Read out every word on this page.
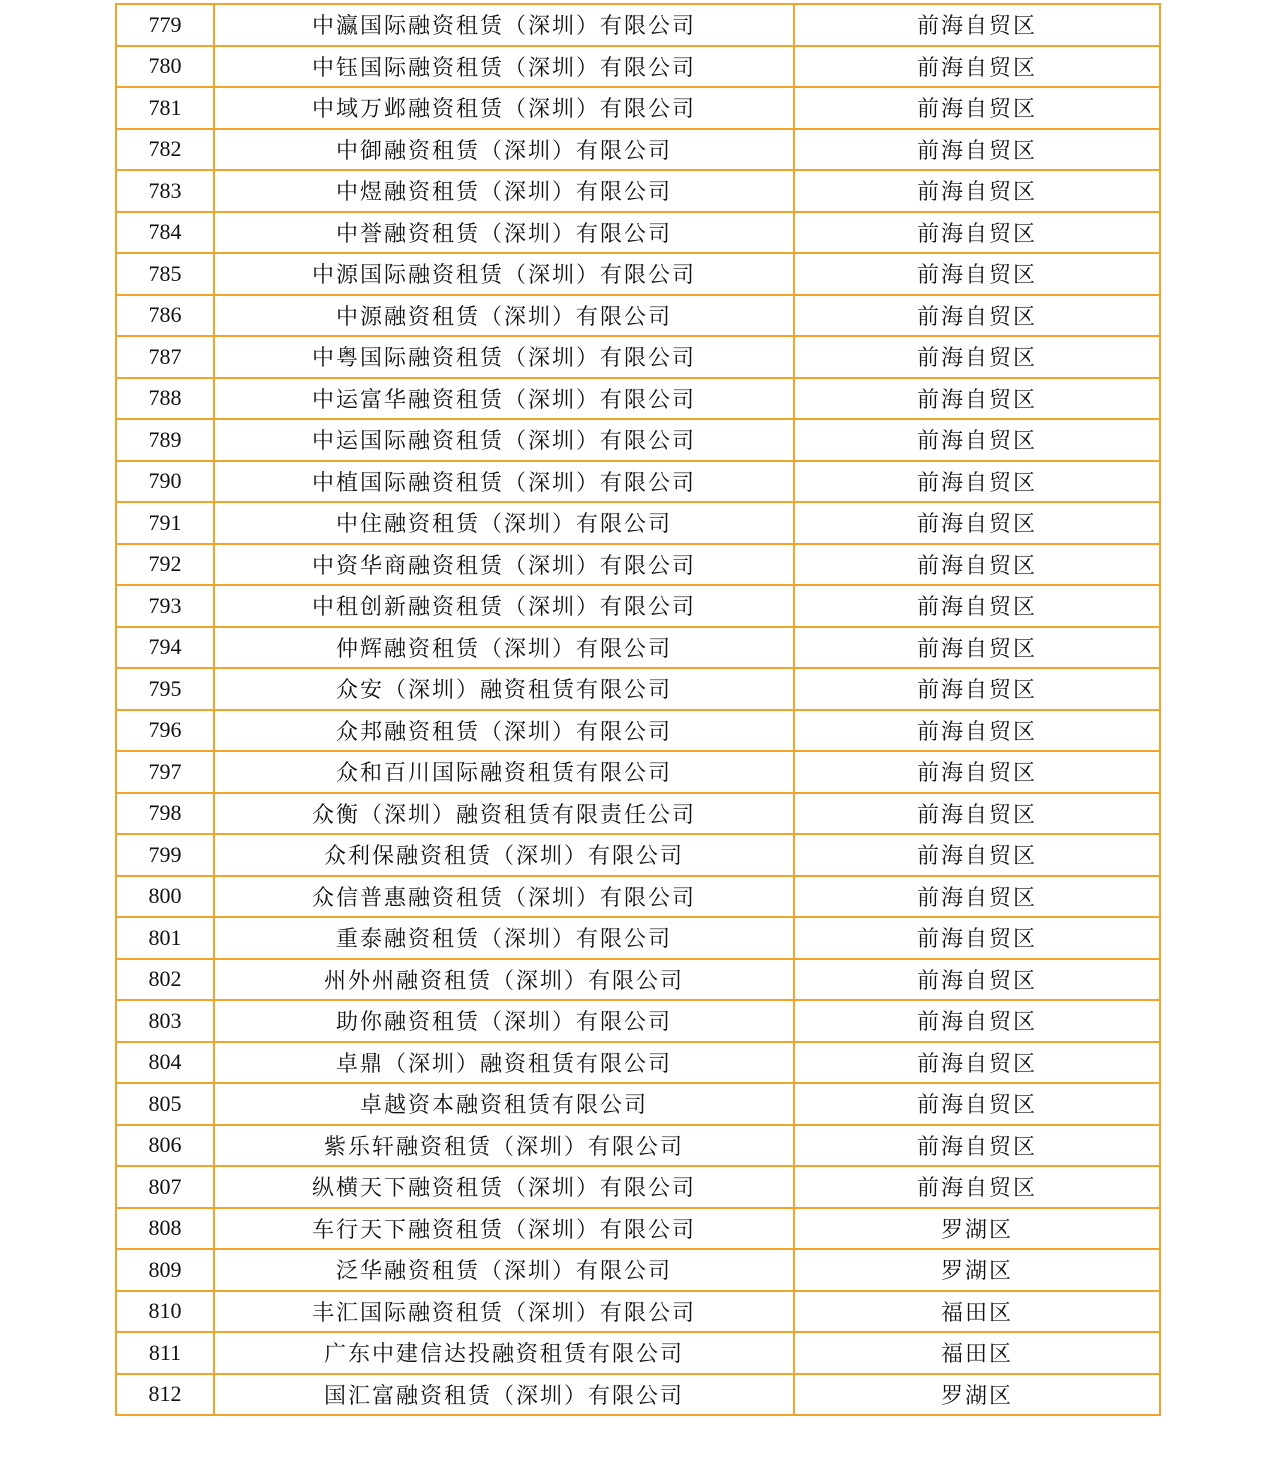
779	中瀛国际融资租赁（深圳）有限公司	前海自贸区
780	中钰国际融资租赁（深圳）有限公司	前海自贸区
781	中域万邺融资租赁（深圳）有限公司	前海自贸区
782	中御融资租赁（深圳）有限公司	前海自贸区
783	中煜融资租赁（深圳）有限公司	前海自贸区
784	中誉融资租赁（深圳）有限公司	前海自贸区
785	中源国际融资租赁（深圳）有限公司	前海自贸区
786	中源融资租赁（深圳）有限公司	前海自贸区
787	中粤国际融资租赁（深圳）有限公司	前海自贸区
788	中运富华融资租赁（深圳）有限公司	前海自贸区
789	中运国际融资租赁（深圳）有限公司	前海自贸区
790	中植国际融资租赁（深圳）有限公司	前海自贸区
791	中住融资租赁（深圳）有限公司	前海自贸区
792	中资华商融资租赁（深圳）有限公司	前海自贸区
793	中租创新融资租赁（深圳）有限公司	前海自贸区
794	仲辉融资租赁（深圳）有限公司	前海自贸区
795	众安（深圳）融资租赁有限公司	前海自贸区
796	众邦融资租赁（深圳）有限公司	前海自贸区
797	众和百川国际融资租赁有限公司	前海自贸区
798	众衡（深圳）融资租赁有限责任公司	前海自贸区
799	众利保融资租赁（深圳）有限公司	前海自贸区
800	众信普惠融资租赁（深圳）有限公司	前海自贸区
801	重泰融资租赁（深圳）有限公司	前海自贸区
802	州外州融资租赁（深圳）有限公司	前海自贸区
803	助你融资租赁（深圳）有限公司	前海自贸区
804	卓鼎（深圳）融资租赁有限公司	前海自贸区
805	卓越资本融资租赁有限公司	前海自贸区
806	紫乐轩融资租赁（深圳）有限公司	前海自贸区
807	纵横天下融资租赁（深圳）有限公司	前海自贸区
808	车行天下融资租赁（深圳）有限公司	罗湖区
809	泛华融资租赁（深圳）有限公司	罗湖区
810	丰汇国际融资租赁（深圳）有限公司	福田区
811	广东中建信达投融资租赁有限公司	福田区
812	国汇富融资租赁（深圳）有限公司	罗湖区
